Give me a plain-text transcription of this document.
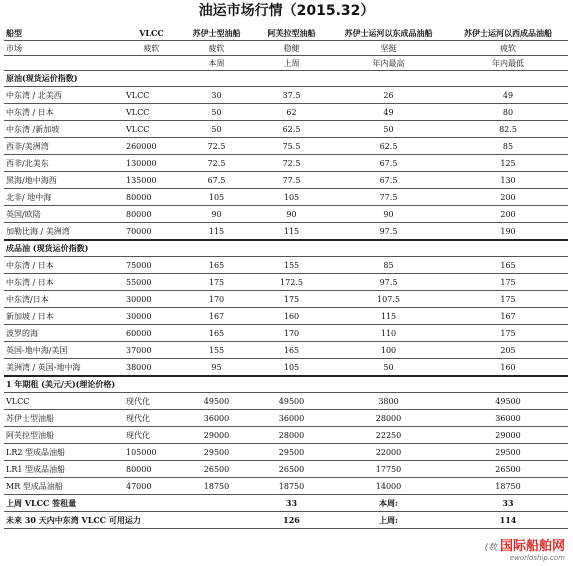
油运市场行情（2015.32）
船型	VLCC	苏伊士型油船	阿芙拉型油船	苏伊士运河以东成品油船	苏伊士运河以西成品油船
市场	疲软	疲软	稳健	坚挺	疲软
		本周	上周	年内最高	年内最低
原油(现货运价指数)					
中东湾 / 北美西	VLCC	30	37.5	26	49
中东湾 / 日本	VLCC	50	62	49	80
中东湾 /新加坡	VLCC	50	62.5	50	82.5
西非/美洲湾	260000	72.5	75.5	62.5	85
西非/北美东	130000	72.5	72.5	67.5	125
黑海/地中海西	135000	67.5	77.5	67.5	130
北非/ 地中海	80000	105	105	77.5	200
英国/欧陆	80000	90	90	90	200
加勒比海 / 美洲湾	70000	115	115	97.5	190
成品油 (现货运价指数)					
中东湾 / 日本	75000	165	155	85	165
中东湾 / 日本	55000	175	172.5	97.5	175
中东湾/日本	30000	170	175	107.5	175
新加坡 / 日本	30000	167	160	115	167
波罗的海	60000	165	170	110	175
英国-地中海/美国	37000	155	165	100	205
美洲湾 / 英国-地中海	38000	95	105	50	160
1 年期租 (美元/天)(理论价格)					
VLCC	现代化	49500	49500	3800	49500
苏伊士型油船	现代化	36000	36000	28000	36000
阿芙拉型油船	现代化	29000	28000	22250	29000
LR2 型成品油船	105000	29500	29500	22000	29500
LR1 型成品油船	80000	26500	26500	17750	26500
MR 型成品油船	47000	18750	18750	14000	18750
上周 VLCC 签租量			33	本周:	33
未来 30 天内中东湾 VLCC 可用运力			126	上周:	114
(数 国际船舶网
eworldship.com
